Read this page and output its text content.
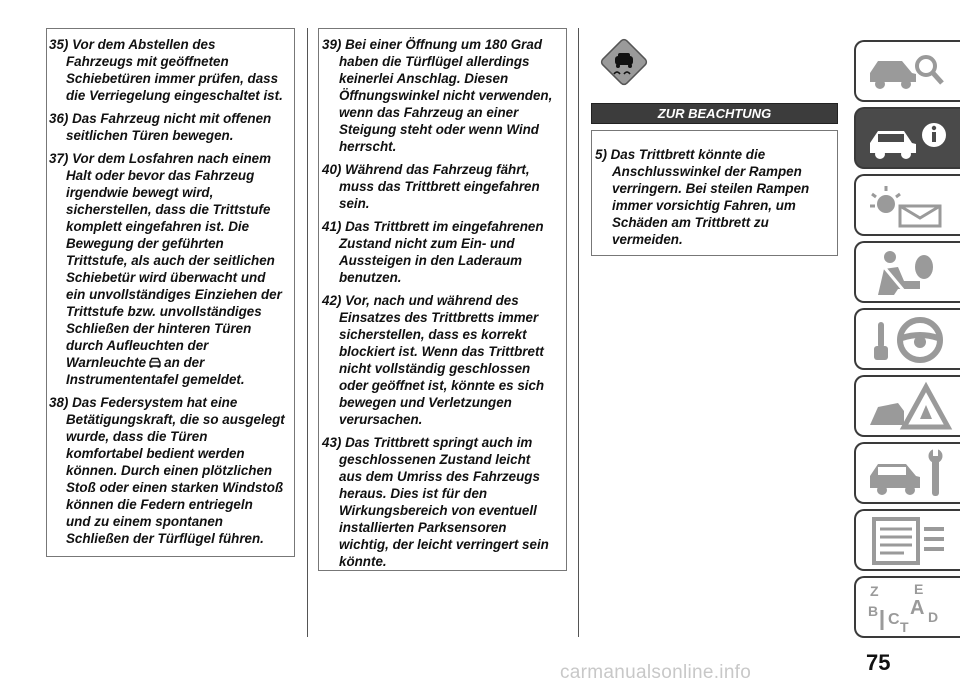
35) Vor dem Abstellen des
Fahrzeugs mit geöffneten
Schiebetüren immer prüfen, dass
die Verriegelung eingeschaltet ist.

36) Das Fahrzeug nicht mit offenen
seitlichen Türen bewegen.

37) Vor dem Losfahren nach einem
Halt oder bevor das Fahrzeug
irgendwie bewegt wird,
sicherstellen, dass die Trittstufe
komplett eingefahren ist. Die
Bewegung der geführten
Trittstufe, als auch der seitlichen
Schiebetür wird überwacht und
ein unvollständiges Einziehen der
Trittstufe bzw. unvollständiges
Schließen der hinteren Türen
durch Aufleuchten der
Warnleuchte an der
Instrumententafel gemeldet.

38) Das Federsystem hat eine
Betätigungskraft, die so ausgelegt
wurde, dass die Türen
komfortabel bedient werden
können. Durch einen plötzlichen
Stoß oder einen starken Windstoß
können die Federn entriegeln
und zu einem spontanen
Schließen der Türflügel führen.

39) Bei einer Öffnung um 180 Grad
haben die Türflügel allerdings
keinerlei Anschlag. Diesen
Öffnungswinkel nicht verwenden,
wenn das Fahrzeug an einer
Steigung steht oder wenn Wind
herrscht.

40) Während das Fahrzeug fährt,
muss das Trittbrett eingefahren
sein.

41) Das Trittbrett im eingefahrenen
Zustand nicht zum Ein- und
Aussteigen in den Laderaum
benutzen.

42) Vor, nach und während des
Einsatzes des Trittbretts immer
sicherstellen, dass es korrekt
blockiert ist. Wenn das Trittbrett
nicht vollständig geschlossen
oder geöffnet ist, könnte es sich
bewegen und Verletzungen
verursachen.

43) Das Trittbrett springt auch im
geschlossenen Zustand leicht
aus dem Umriss des Fahrzeugs
heraus. Dies ist für den
Wirkungsbereich von eventuell
installierten Parksensoren
wichtig, der leicht verringert sein
könnte.

ZUR BEACHTUNG

5) Das Trittbrett könnte die
Anschlusswinkel der Rampen
verringern. Bei steilen Rampen
immer vorsichtig Fahren, um
Schäden am Trittbrett zu
vermeiden.

Z	E
A
B C D
T
75
carmanualsonline.info
